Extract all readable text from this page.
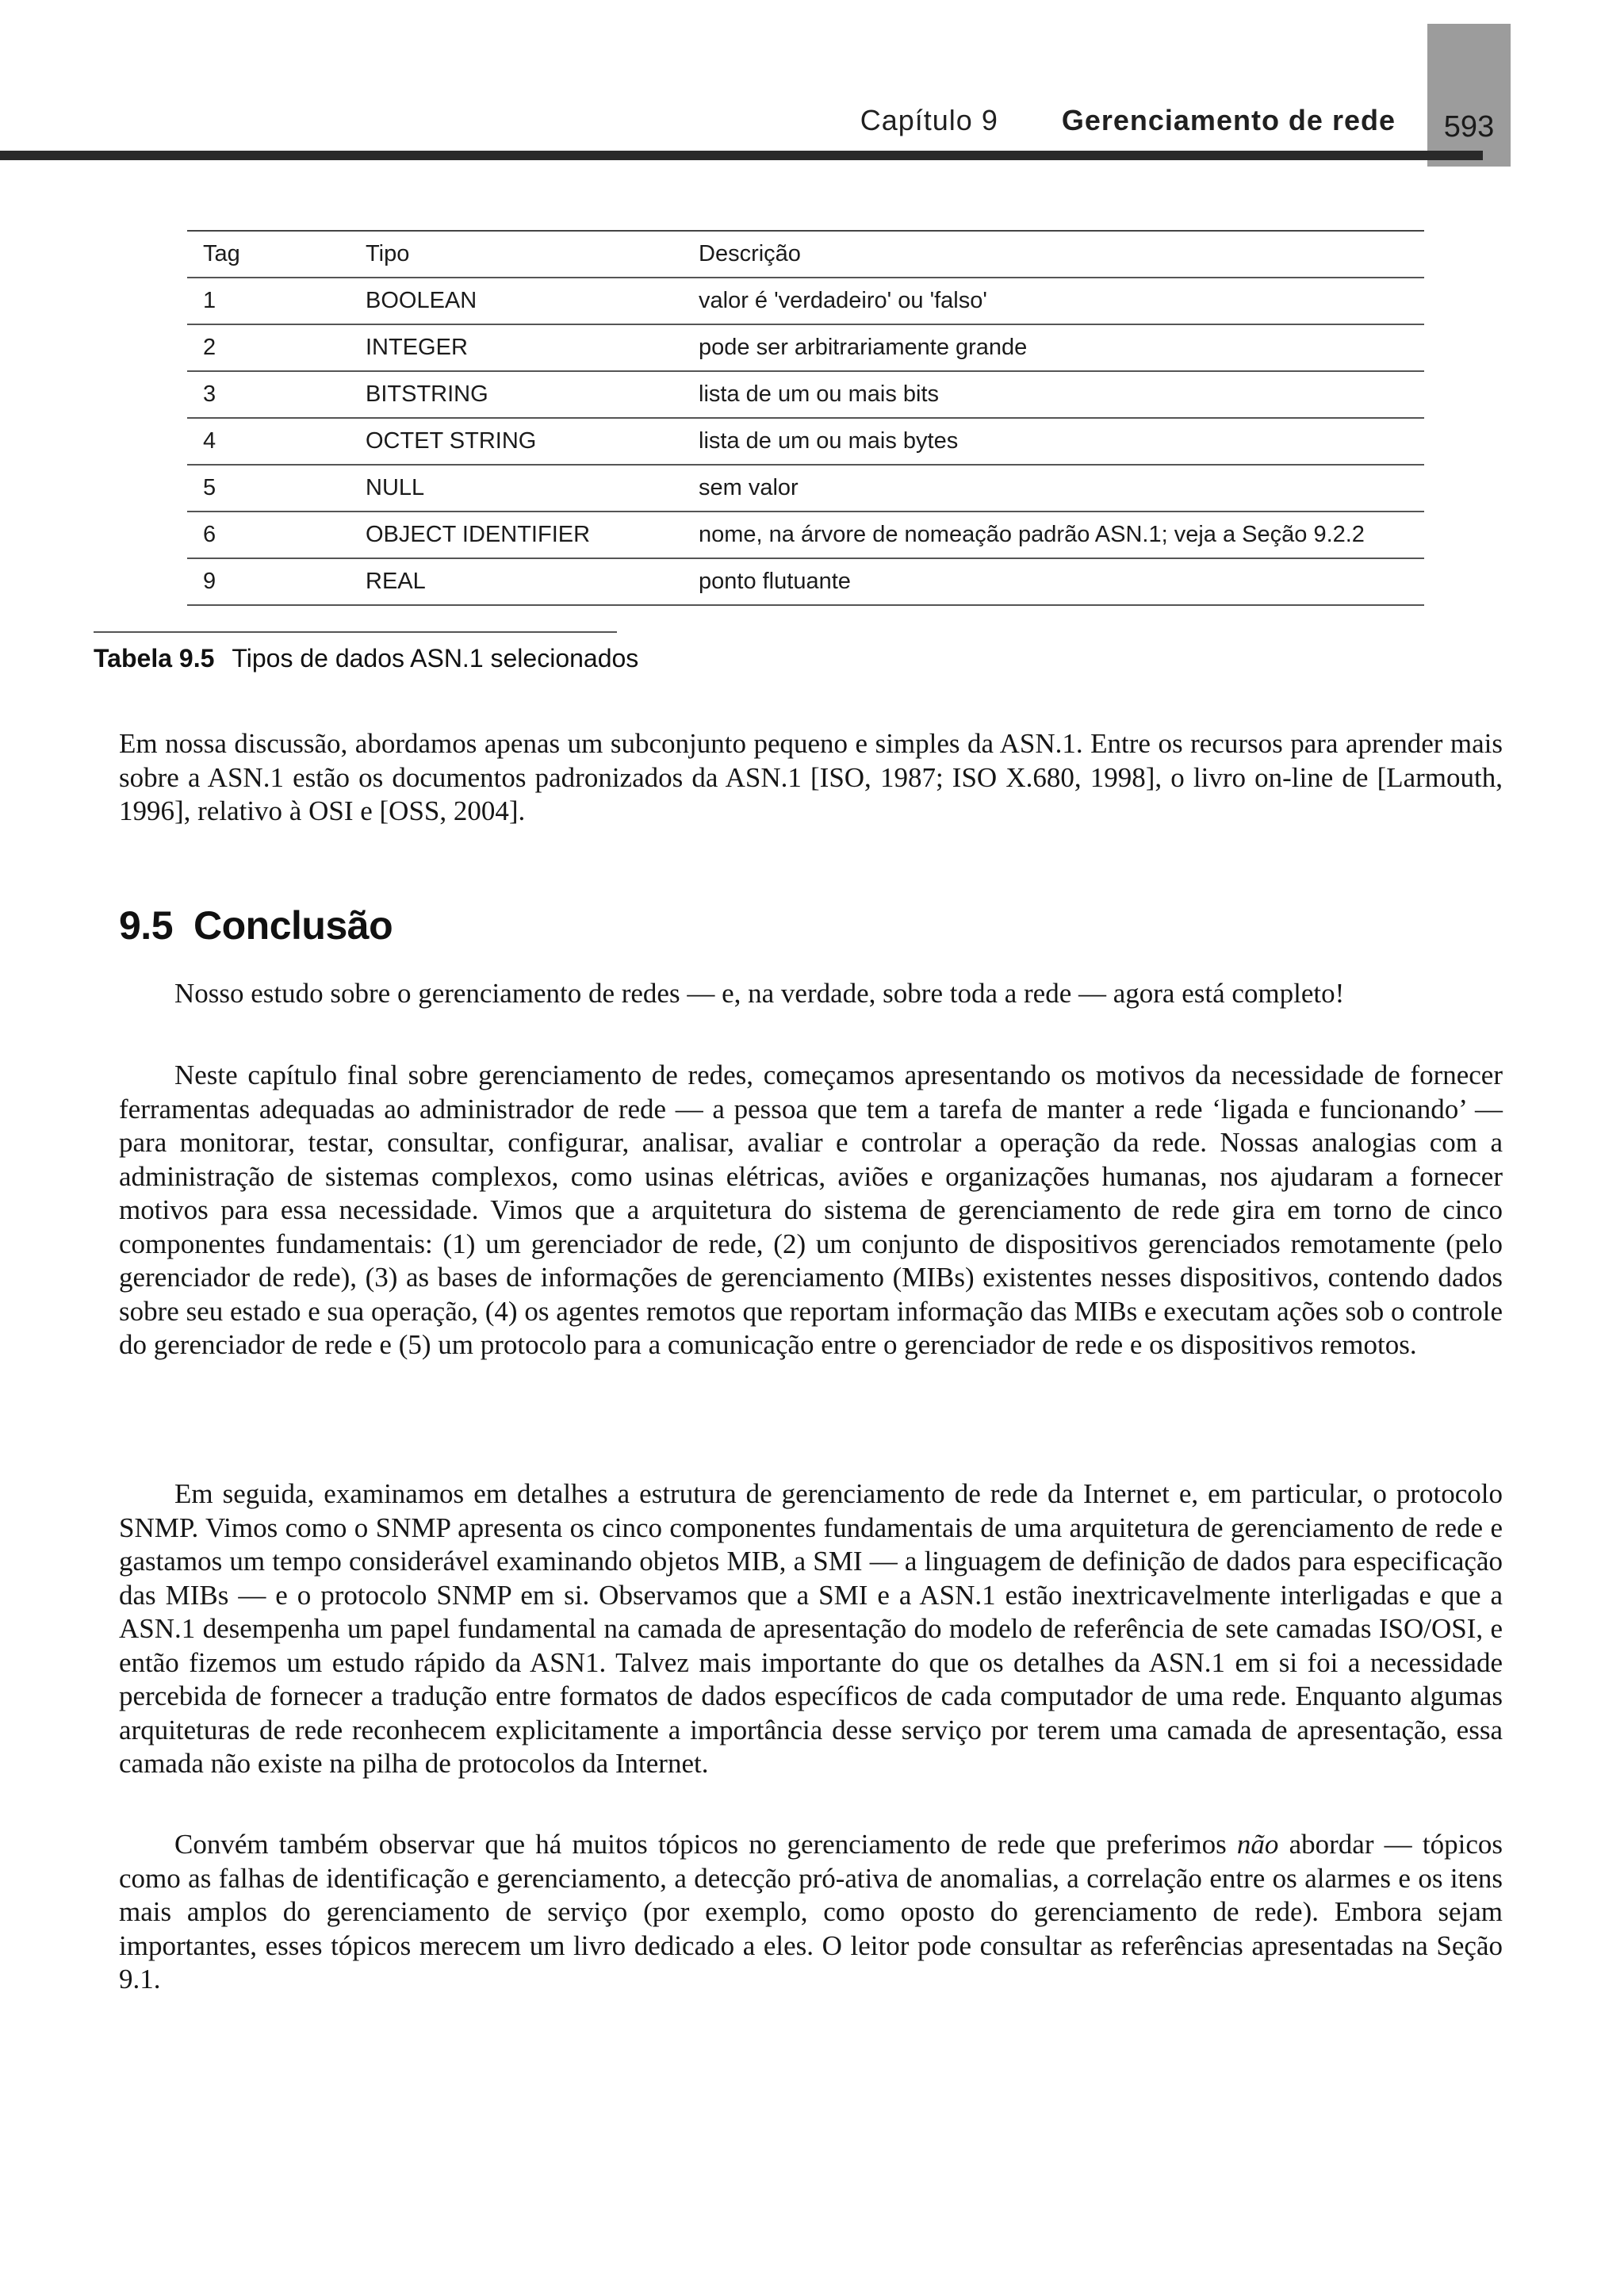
Capítulo 9 Gerenciamento de rede 593
Tag	Tipo	Descrição
1	BOOLEAN	valor é 'verdadeiro' ou 'falso'
2	INTEGER	pode ser arbitrariamente grande
3	BITSTRING	lista de um ou mais bits
4	OCTET STRING	lista de um ou mais bytes
5	NULL	sem valor
6	OBJECT IDENTIFIER	nome, na árvore de nomeação padrão ASN.1; veja a Seção 9.2.2
9	REAL	ponto flutuante
Tabela 9.5 Tipos de dados ASN.1 selecionados

Em nossa discussão, abordamos apenas um subconjunto pequeno e simples da ASN.1. Entre os recursos para aprender mais sobre a ASN.1 estão os documentos padronizados da ASN.1 [ISO, 1987; ISO X.680, 1998], o livro on-line de [Larmouth, 1996], relativo à OSI e [OSS, 2004].

9.5 Conclusão

Nosso estudo sobre o gerenciamento de redes — e, na verdade, sobre toda a rede — agora está completo!

Neste capítulo final sobre gerenciamento de redes, começamos apresentando os motivos da necessidade de fornecer ferramentas adequadas ao administrador de rede — a pessoa que tem a tarefa de manter a rede ‘ligada e funcionando’ — para monitorar, testar, consultar, configurar, analisar, avaliar e controlar a operação da rede. Nossas analogias com a administração de sistemas complexos, como usinas elétricas, aviões e organizações humanas, nos ajudaram a fornecer motivos para essa necessidade. Vimos que a arquitetura do sistema de gerenciamento de rede gira em torno de cinco componentes fundamentais: (1) um gerenciador de rede, (2) um conjunto de dispositivos gerenciados remotamente (pelo gerenciador de rede), (3) as bases de informações de gerenciamento (MIBs) existentes nesses dispositivos, contendo dados sobre seu estado e sua operação, (4) os agentes remotos que reportam informação das MIBs e executam ações sob o controle do gerenciador de rede e (5) um protocolo para a comunicação entre o gerenciador de rede e os dispositivos remotos.

Em seguida, examinamos em detalhes a estrutura de gerenciamento de rede da Internet e, em particular, o protocolo SNMP. Vimos como o SNMP apresenta os cinco componentes fundamentais de uma arquitetura de gerenciamento de rede e gastamos um tempo considerável examinando objetos MIB, a SMI — a linguagem de definição de dados para especificação das MIBs — e o protocolo SNMP em si. Observamos que a SMI e a ASN.1 estão inextricavelmente interligadas e que a ASN.1 desempenha um papel fundamental na camada de apresentação do modelo de referência de sete camadas ISO/OSI, e então fizemos um estudo rápido da ASN1. Talvez mais importante do que os detalhes da ASN.1 em si foi a necessidade percebida de fornecer a tradução entre formatos de dados específicos de cada computador de uma rede. Enquanto algumas arquiteturas de rede reconhecem explicitamente a importância desse serviço por terem uma camada de apresentação, essa camada não existe na pilha de protocolos da Internet.

Convém também observar que há muitos tópicos no gerenciamento de rede que preferimos não abordar — tópicos como as falhas de identificação e gerenciamento, a detecção pró-ativa de anomalias, a correlação entre os alarmes e os itens mais amplos do gerenciamento de serviço (por exemplo, como oposto do gerenciamento de rede). Embora sejam importantes, esses tópicos merecem um livro dedicado a eles. O leitor pode consultar as referências apresentadas na Seção 9.1.
